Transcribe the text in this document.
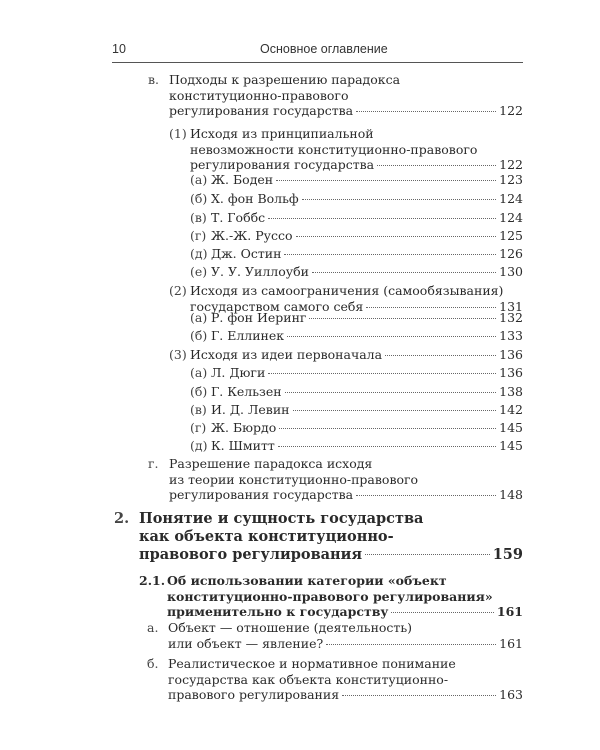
10	Основное оглавление
в. Подходы к разрешению парадокса
конституционно-правового
регулирования государства	122
(1) Исходя из принципиальной
невозможности конституционно-правового
регулирования государства	122
(а) Ж. Боден	123
(б) Х. фон Вольф	124
(в) Т. Гоббс	124
(г) Ж.-Ж. Руссо	125
(д) Дж. Остин	126
(е) У. У. Уиллоуби	130
(2) Исходя из самоограничения (самообязывания)
государством самого себя	131
(а) Р. фон Иеринг	132
(б) Г. Еллинек	133
(3) Исходя из идеи первоначала	136
(а) Л. Дюги	136
(б) Г. Кельзен	138
(в) И. Д. Левин	142
(г) Ж. Бюрдо	145
(д) К. Шмитт	145
г. Разрешение парадокса исходя
из теории конституционно-правового
регулирования государства	148
2. Понятие и сущность государства
как объекта конституционно-
правового регулирования	159
2.1. Об использовании категории «объект
конституционно-правового регулирования»
применительно к государству	161
а. Объект — отношение (деятельность)
или объект — явление?	161
б. Реалистическое и нормативное понимание
государства как объекта конституционно-
правового регулирования	163
